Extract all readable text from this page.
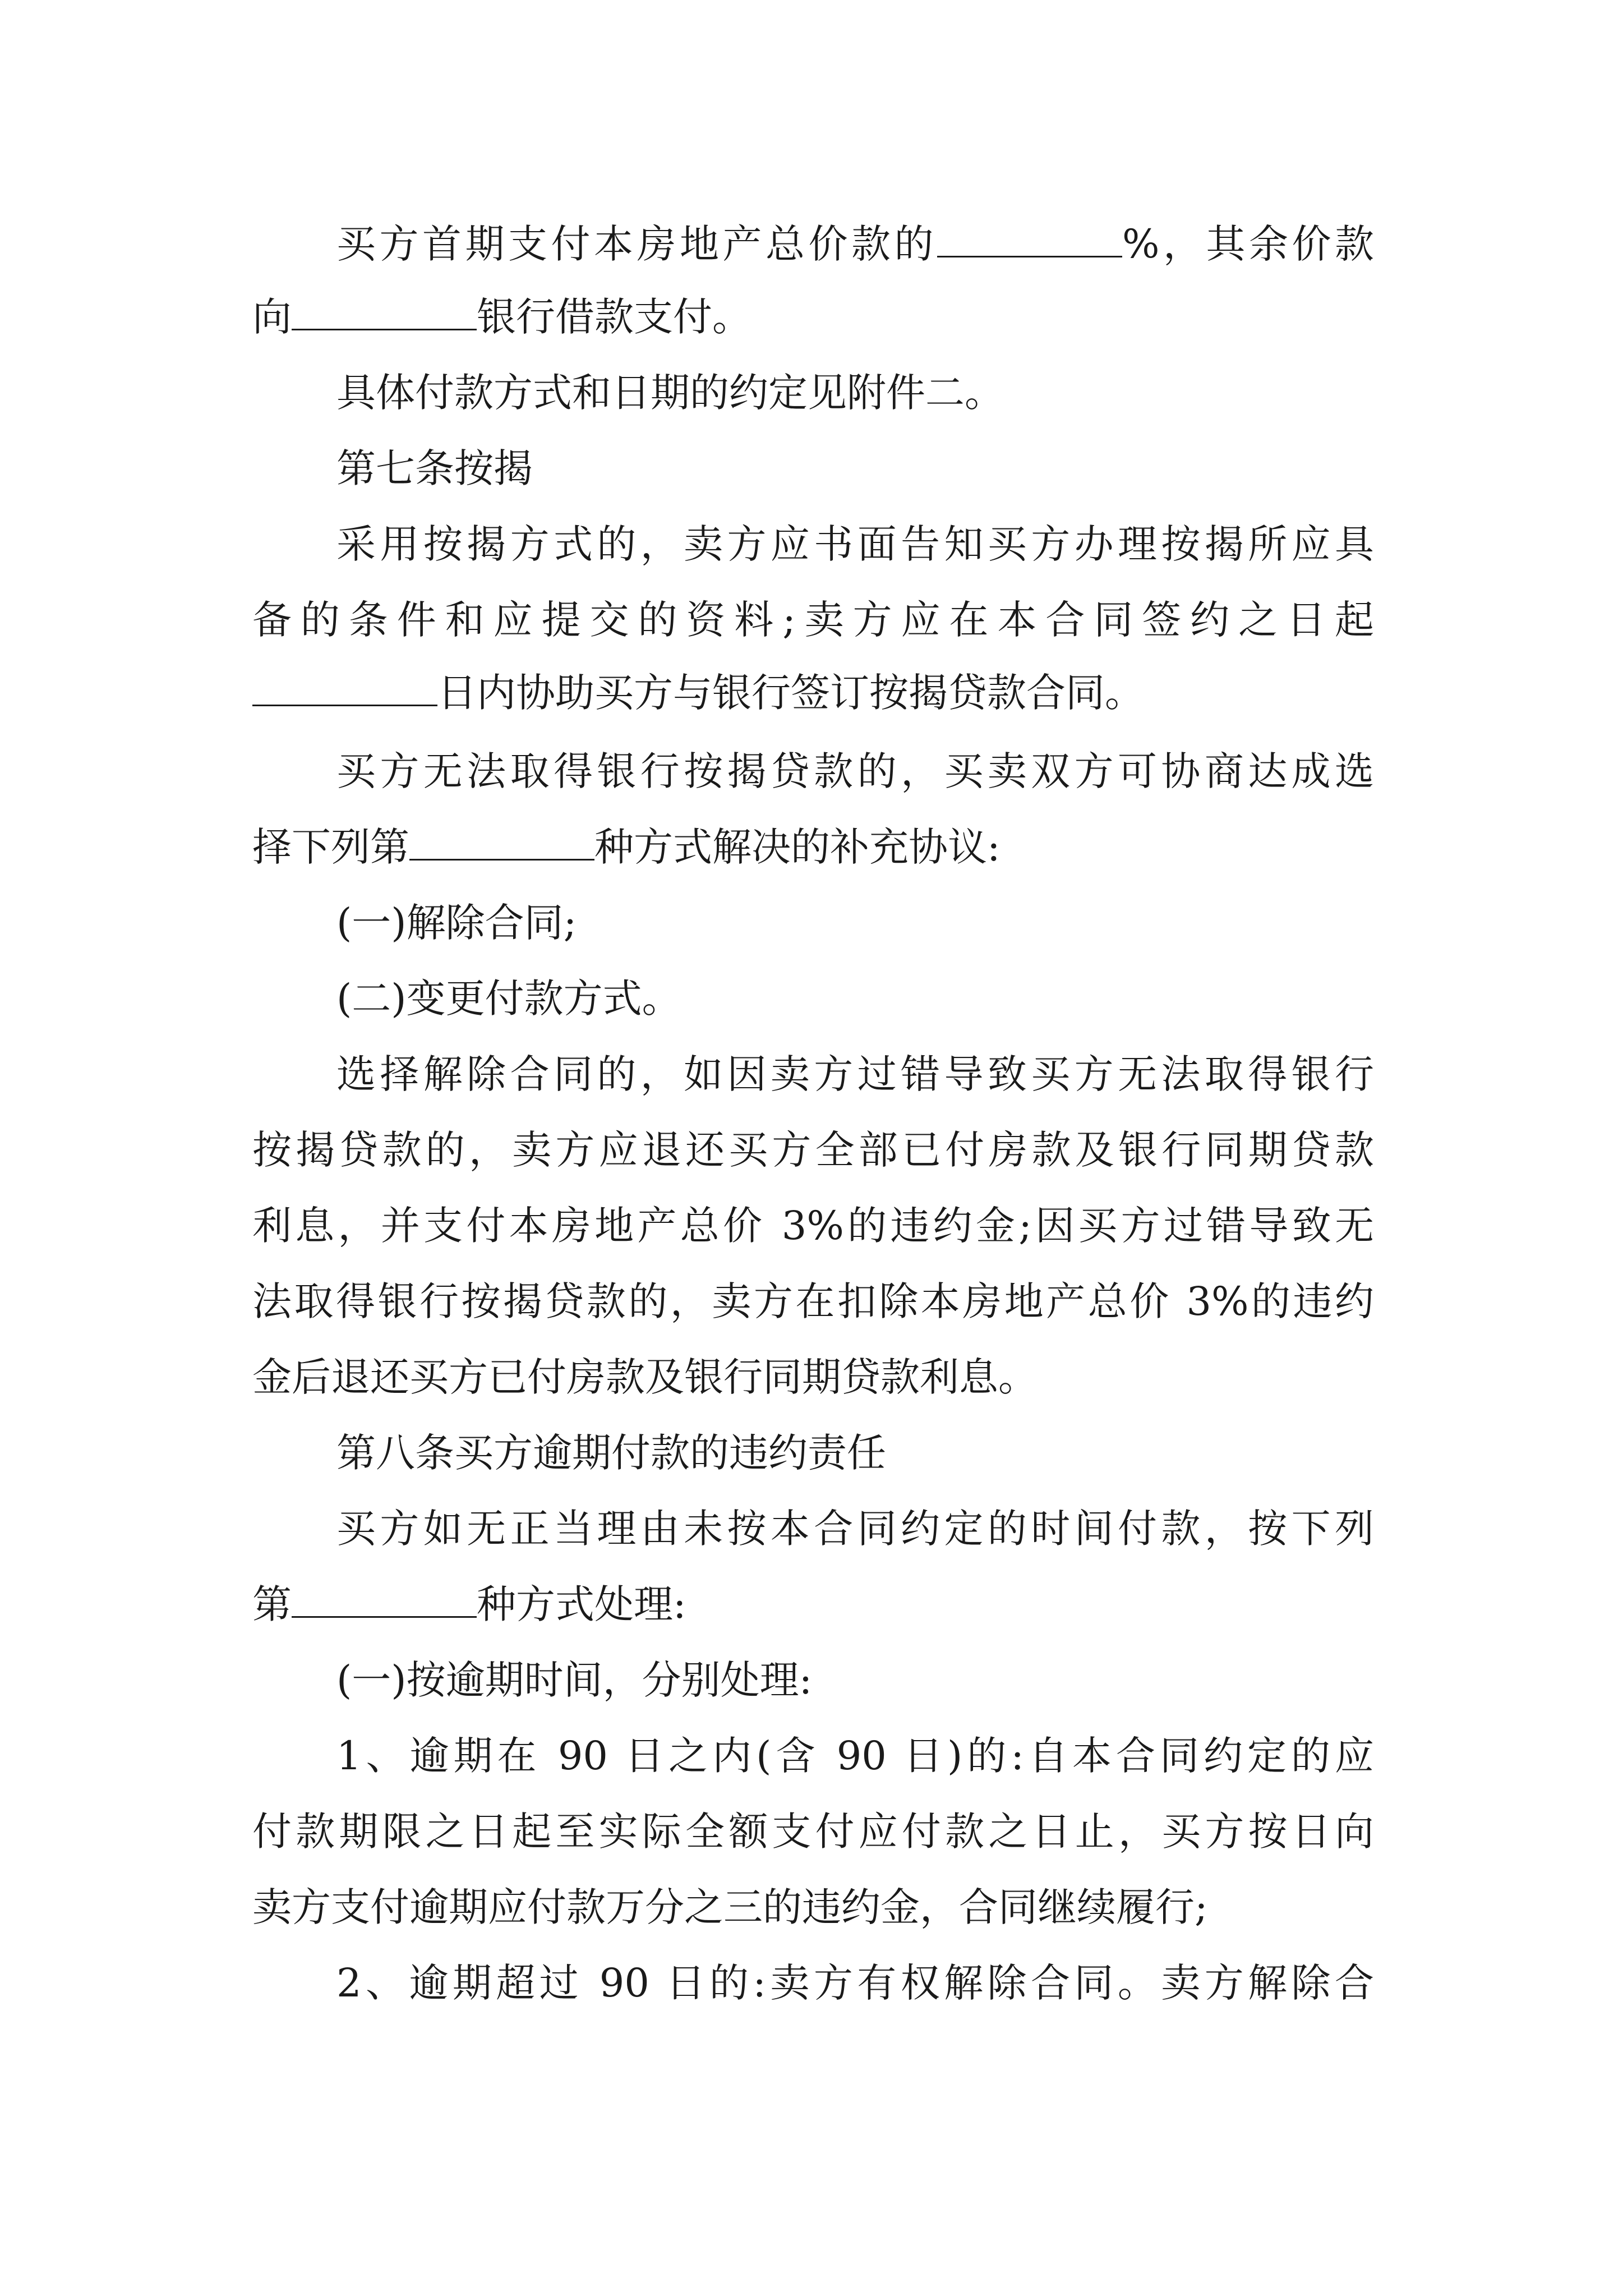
买方首期支付本房地产总价款的	%，其余价款
向	银行借款支付。
具体付款方式和日期的约定见附件二。
第七条按揭
采用按揭方式的，卖方应书面告知买方办理按揭所应具
备的条件和应提交的资料;卖方应在本合同签约之日起
日内协助买方与银行签订按揭贷款合同。
买方无法取得银行按揭贷款的，买卖双方可协商达成选
择下列第	种方式解决的补充协议:
(一)解除合同;
(二)变更付款方式。
选择解除合同的，如因卖方过错导致买方无法取得银行
按揭贷款的，卖方应退还买方全部已付房款及银行同期贷款
利息，并支付本房地产总价 3%的违约金;因买方过错导致无
法取得银行按揭贷款的，卖方在扣除本房地产总价 3%的违约
金后退还买方已付房款及银行同期贷款利息。
第八条买方逾期付款的违约责任
买方如无正当理由未按本合同约定的时间付款，按下列
第	种方式处理:
(一)按逾期时间，分别处理:
1、逾期在 90 日之内(含 90 日)的:自本合同约定的应
付款期限之日起至实际全额支付应付款之日止，买方按日向
卖方支付逾期应付款万分之三的违约金，合同继续履行;
2、逾期超过 90 日的:卖方有权解除合同。卖方解除合
